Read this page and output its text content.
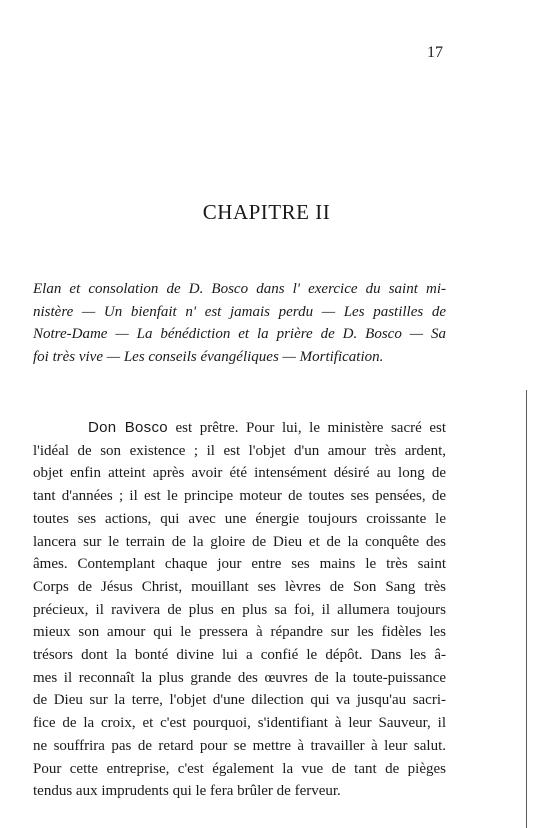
17
CHAPITRE II
Elan et consolation de D. Bosco dans l' exercice du saint mi-
nistère — Un bienfait n' est jamais perdu — Les pastilles de
Notre-Dame — La bénédiction et la prière de D. Bosco — Sa
foi très vive — Les conseils évangéliques — Mortification.
Don Bosco est prêtre. Pour lui, le ministère sacré est
l'idéal de son existence ; il est l'objet d'un amour très ardent,
objet enfin atteint après avoir été intensément désiré au long de
tant d'années ; il est le principe moteur de toutes ses pensées, de
toutes ses actions, qui avec une énergie toujours croissante le
lancera sur le terrain de la gloire de Dieu et de la conquête des
âmes. Contemplant chaque jour entre ses mains le très saint
Corps de Jésus Christ, mouillant ses lèvres de Son Sang très
précieux, il ravivera de plus en plus sa foi, il allumera toujours
mieux son amour qui le pressera à répandre sur les fidèles les
trésors dont la bonté divine lui a confié le dépôt. Dans les â-
mes il reconnaît la plus grande des œuvres de la toute-puissance
de Dieu sur la terre, l'objet d'une dilection qui va jusqu'au sacri-
fice de la croix, et c'est pourquoi, s'identifiant à leur Sauveur, il
ne souffrira pas de retard pour se mettre à travailler à leur salut.
Pour cette entreprise, c'est également la vue de tant de pièges
tendus aux imprudents qui le fera brûler de ferveur.
